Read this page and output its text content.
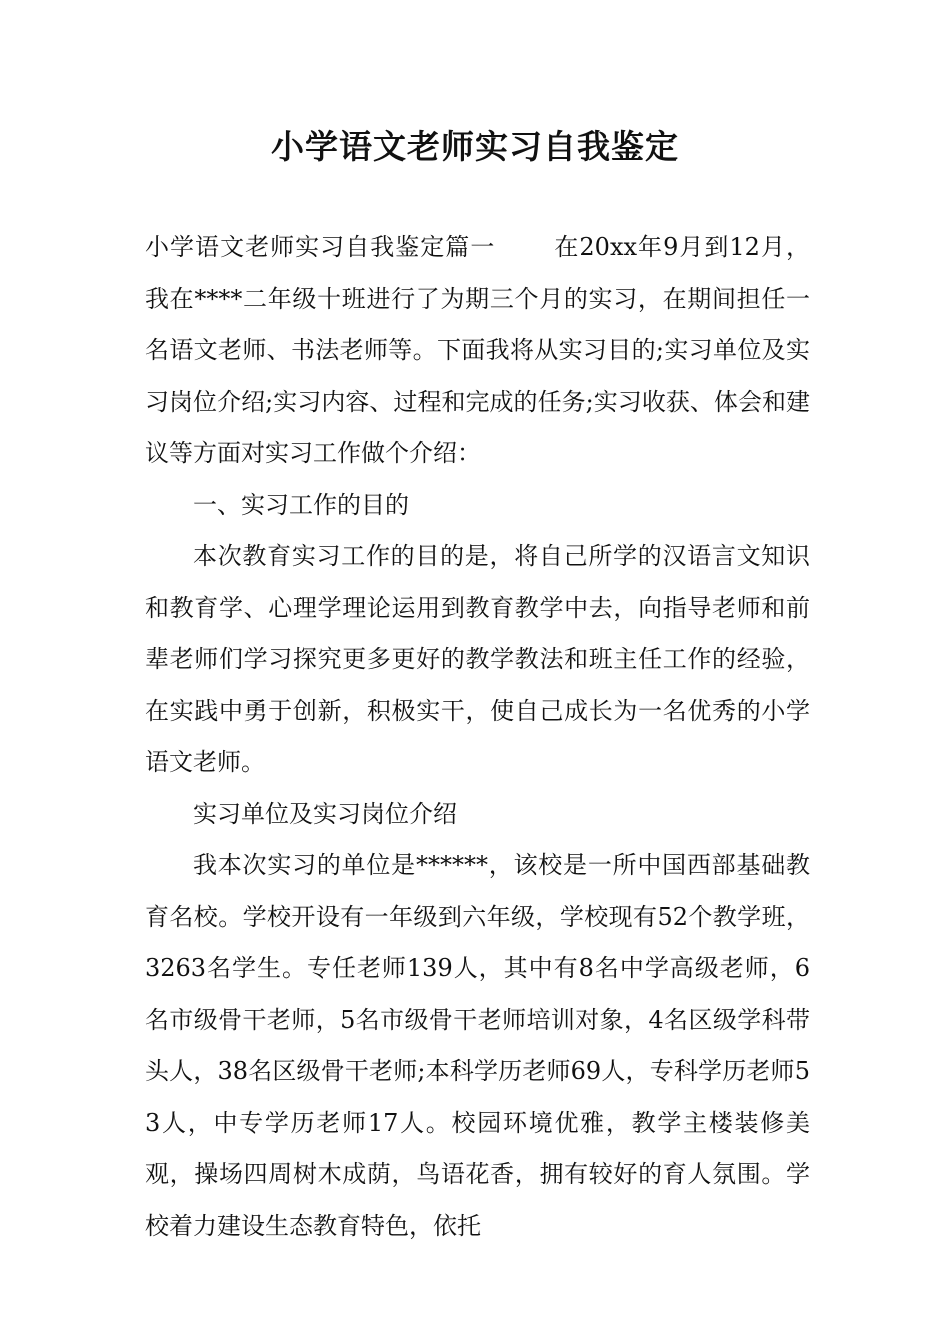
小学语文老师实习自我鉴定

小学语文老师实习自我鉴定篇一 在20xx年9月到12月，我在****二年级十班进行了为期三个月的实习，在期间担任一名语文老师、书法老师等。下面我将从实习目的;实习单位及实习岗位介绍;实习内容、过程和完成的任务;实习收获、体会和建议等方面对实习工作做个介绍：

一、实习工作的目的

本次教育实习工作的目的是，将自己所学的汉语言文知识和教育学、心理学理论运用到教育教学中去，向指导老师和前辈老师们学习探究更多更好的教学教法和班主任工作的经验，在实践中勇于创新，积极实干，使自己成长为一名优秀的小学语文老师。

实习单位及实习岗位介绍

我本次实习的单位是******，该校是一所中国西部基础教育名校。学校开设有一年级到六年级，学校现有52个教学班，3263名学生。专任老师139人，其中有8名中学高级老师，6名市级骨干老师，5名市级骨干老师培训对象，4名区级学科带头人，38名区级骨干老师;本科学历老师69人，专科学历老师53人，中专学历老师17人。校园环境优雅，教学主楼装修美观，操场四周树木成荫，鸟语花香，拥有较好的育人氛围。学校着力建设生态教育特色，依托
